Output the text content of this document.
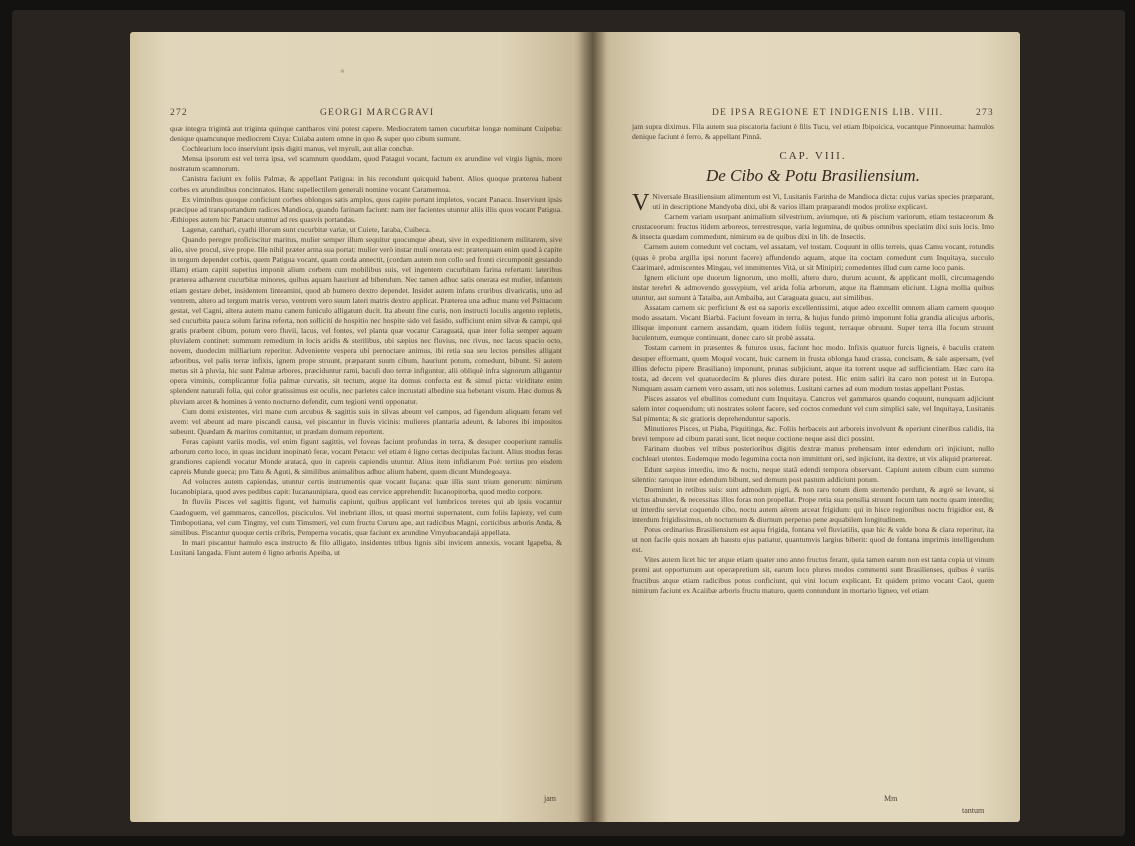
•
272	GEORGI MARCGRAVI

quæ integra trigintà aut triginta quinque cantharos vini potest capere. Mediocratem tamen cucurbitæ longæ nominant Cuipeba: denique quamcunque mediocrem Cuya: Cuiaba autem omne in quo & super quo cibum sumunt.

Cochlearium loco inserviunt ipsis digiti manus, vel myruli, aut aliæ conchæ.

Mensa ipsorum est vel terra ipsa, vel scamnum quoddam, quod Patagui vocant, factum ex arundine vel virgis lignis, more nostratum scamnorum.

Canistra faciunt ex foliis Palmæ, & appellant Patigua: in his recondunt quicquid habent. Alios quoque præterea habent corbes ex arundinibus concinnatos. Hanc supellectilem generali nomine vocant Caramemoa.

Ex viminibus quoque conficiunt corbes oblongos satis amplos, quos capite portant impletos, vocant Panacu. Inserviunt ipsis præcipue ad transportandum radices Mandioca, quando farinam faciunt: nam iter facientes utuntur aliis illis quos vocant Patigua. Æthiopes autem hic Panacu utuntur ad res quasvis portandas.

Lagenæ, canthari, cyathi illorum sunt cucurbitæ variæ, ut Cuiete, Iaraba, Cuibeca.

Quando peregre proficiscitur maritus, mulier semper illum sequitur quocunque abeat, sive in expeditionem militarem, sive alio, sive procul, sive prope. Ille nihil præter arma sua portat: mulier verò instar muli onerata est: præterquam enim quod à capite in tergum dependet corbis, quem Patigua vocant, quam corda annectit, (cordam autem non collo sed fronti circumponit gestando illam) etiam capiti superius imponit alium corbem cum mobilibus suis, vel ingentem cucurbitam farina refertam: lateribus præterea adhærent cucurbitæ minores, quibus aquam hauriunt ad bibendum. Nec tamen adhuc satis onerata est mulier, infantem etiam gestare debet, insidentem linteamini, quod ab humero dextro dependet. Insidet autem infans cruribus divaricatis, uno ad ventrem, altero ad tergum matris verso, ventrem vero suum lateri matris dextro applicat. Præterea una adhuc manu vel Psittacum gestat, vel Cagni, altera autem manu canem funiculo alligatum ducit. Ita abeunt fine curis, non instructi loculis argento repletis, sed cucurbita pauca solum farina referta, non solliciti de hospitio nec hospite sido vel fasido, sufficiunt enim silvæ & campi, qui gratis præbent cibum, potum vero fluvii, lacus, vel fontes, vel planta quæ vocatur Caraguatá, quæ inter folia semper aquam pluvialem continet: summum remedium in locis aridis & sterilibus, ubi sæpius nec fluvius, nec rivus, nec lacus spacio octo, novem, duodecim milliarium reperitur. Adveniente vespera ubi pernoctare animus, ibi retia sua seu lectos pensiles alligant arboribus, vel palis terræ infixis, ignem prope struunt, præparant suum cibum, hauriunt potum, comedunt, bibunt. Si autem metus sit à pluvia, hic sunt Palmæ arbores, præciduntur rami, baculi duo terræ infiguntur, alii obliquè infra signorum alligantur opera viminis, complicantur folia palmæ curvatis, sit tectum, atque ita domus confecta est & simul picta: viriditate enim splendent naturali folia, qui color gratissimus est oculis, nec parietes calce incrustati albedine sua hebetant visum. Hæc domus & pluviam arcet & homines à vento nocturno defendit, cum tegioni venti opponatur.

Cum domi existentes, viri mane cum arcubus & sagittis suis in silvas abeunt vel campos, ad figendum aliquam feram vel avem: vel abeunt ad mare piscandi causa, vel piscantur in fluvis vicinis: mulieres plantaria adeunt, & labores ibi impositos subeunt. Quædam & maritos comitantur, ut prædam domum reportent.

Feras capiunt variis modis, vel enim figunt sagittis, vel foveas faciunt profundas in terra, & desuper cooperiunt ramulis arborum certo loco, in quas incidunt inopinatò feræ, vocant Petacu: vel etiam è ligno certas decipulas faciunt. Alius modus feras grandiores capiendi vocatur Monde aratacá, quo in capreis capiendis utuntur. Alius item infidiarum Poé: tertius pro eisdem capreis Munde gueca; pro Tatu & Aguti, & similibus animalibus adhuc alium habent, quem dicunt Mundegoaya.

Ad volucres autem capiendas, utuntur certis instrumentis quæ vocant Iuçana: quæ illis sunt trium generum: nimirum Iucanobipiara, quod aves pedibus capit: Iucanaunipiara, quod eas cervice apprehendit: Iucanopitorba, quod medio corpore.

In fluviis Pisces vel sagittis figunt, vel hamulis capiunt, quibus applicant vel lumbricos teretes qui ab ipsis vocantur Caadoguem, vel gammaros, cancellos, pisciculos. Vel inebriant illos, ut quasi mortui supernatent, cum foliis Iapiezy, vel cum Timbopotiana, vel cum Tingmy, vel cum Timsmeri, vel cum fructu Cururu ape, aut radicibus Magni, corticibus arboris Anda, & similibus. Piscantur quoque certis cribris, Pemperna vocatis, quæ faciunt ex arundine Vrnyubacandajá appellata.

In mari piscantur hamulo esca instructo & filo alligato, insidentes tribus lignis sibi invicem annexis, vocant Igapeba, & Lusitani Iangada. Fiunt autem è ligno arboris Apeiba, ut

jam
DE IPSA REGIONE ET INDIGENIS LIB. VIII.	273
jam supra diximus. Fila autem sua piscatoria faciunt è filis Tucu, vel etiam Ibipoicica, vocantque Pinnoeuma: hamulos denique faciunt è ferro, & appellant Pinnâ.
CAP. VIII.
De Cibo & Potu Brasiliensium.

V Niversale Brasiliensium alimentum est Vi, Lusitanis Farinha de Mandioca dicta: cujus varias species præparant, uti in descriptione Mandyoba dixi, ubi & varios illam præparandi modos prolixe explicavi.

Carnem variam usurpant animalium silvestrium, aviumque, uti & piscium variorum, etiam testaceorum & crustaceorum: fructus itidem arboreos, terrestresque, varia legumina, de quibus omnibus speciatim dixi suis locis. Imo & insecta quædam commedunt, nimirum ea de quibus dixi in lib. de Insectis.

Carnem autem comedunt vel coctam, vel assatam, vel tostam. Coquunt in ollis terreis, quas Camu vocant, rotundis (quas è proba argilla ipsi norunt facere) affundendo aquam, atque ita coctam comedunt cum Inquitaya, succulo Caarimaré, admiscentes Mingau, vel immittentes Vitá, ut sit Minipiri; comedentes illud cum carne loco panis.

Ignem eliciunt ope duorum lignorum, uno molli, altero duro, durum acuunt, & applicant molli, circumagendo instar terebri & admovendo gossypium, vel arida folia arborum, atque ita flammam eliciunt. Ligna mollia quibus utuntur, aut sumunt à Tataiba, aut Ambaiba, aut Caraguata guacu, aut similibus.

Assatam carnem sic perficiunt & est ea saporis excellentissimi, atque adeo excellit omnem aliam carnem quoquo modo assatam. Vocant Biarbá. Faciunt foveam in terra, & hujus fundo primò imponunt folia grandia alicujus arboris, illisque imponunt carnem assandam, quam itidem foliis tegunt, terraque obruunt. Super terra illa focum struunt luculentum, eumque continuant, donec caro sit probè assata.

Tostam carnem in præsentes & futuros usus, faciunt hoc modo. Infixis quatuor furcis ligneis, è baculis cratem desuper efformant, quem Moqué vocant, huic carnem in frusta oblonga haud crassa, concisam, & sale aspersam, (vel illius defectu pipere Brasiliano) imponunt, prunas subjiciunt, atque ita torrent usque ad sufficientiam. Hæc caro ita tosta, ad decem vel quatuordecim & plures dies durare potest. Hic enim saliri ita caro non potest ut in Europa. Nunquam assam carnem vero assam, uti nos solemus. Lusitani carnes ad eum modum tostas appellant Postas.

Pisces assatos vel ebullitos comedunt cum Inquitaya. Cancros vel gammaros quando coquunt, nunquam adjiciunt salem inter coquendum; uti nostrates solent facere, sed coctos comedunt vel cum simplici sale, vel Inquitaya, Lusitanis Sal pimenta; & sic gratioris deprehenduntur saporis.

Minutiores Pisces, ut Piaba, Piquitinga, &c. Foliis herbaceis aut arboreis involvunt & operiunt cineribus calidis, ita brevi tempore ad cibum parati sunt, licet neque coctione neque assi dici possint.

Farinam duobus vel tribus posterioribus digitis dextræ manus prehensam inter edendum ori injiciunt, nullo cochleari utentes. Eodemque modo legumina cocta non immittunt ori, sed injiciunt, ita dextre, ut vix aliquid prætereat.

Edunt sæpius interdiu, imo & noctu, neque statâ edendi tempora observant. Capiunt autem cibum cum summo silentio: raroque inter edendum bibunt, sed demum post pastum addiciunt potum.

Dormiunt in retibus suis: sunt admodum pigri, & non raro totum diem stertendo perdunt, & ægrè se levant, si victus abundet, & necessitas illos foras non propellat. Prope retia sua pensilia struunt focum tam noctu quam interdiu; ut interdiu serviat coquendo cibo, noctu autem aërem arceat frigidum: qui in hisce regionibus noctu frigidior est, & interdum frigidissimus, ob nocturnum & diurnum perpetuo pene æquabilem longitudinem.

Potus ordinarius Brasiliensium est aqua frigida, fontana vel fluviatilis, quæ hic & valde bona & clara reperitur, ita ut non facile quis noxam ab haustu ejus patiatur, quantumvis largius biberit: quod de fontana imprimis intelligendum est.

Vites autem licet hic ter atque etiam quater uno anno fructus ferant, quia tamen earum non est tanta copia ut vinum premi aut opportunum aut operæpretium sit, earum loco plures modos commenti sunt Brasilienses, quibus è variis fructibus atque etiam radicibus potus conficiunt, qui vini locum explicant. Et quidem primo vocant Caoi, quem nimirum faciunt ex Acaiibæ arboris fructu maturo, quem contundunt in mortario ligneo, vel etiam

Mm
tantum
